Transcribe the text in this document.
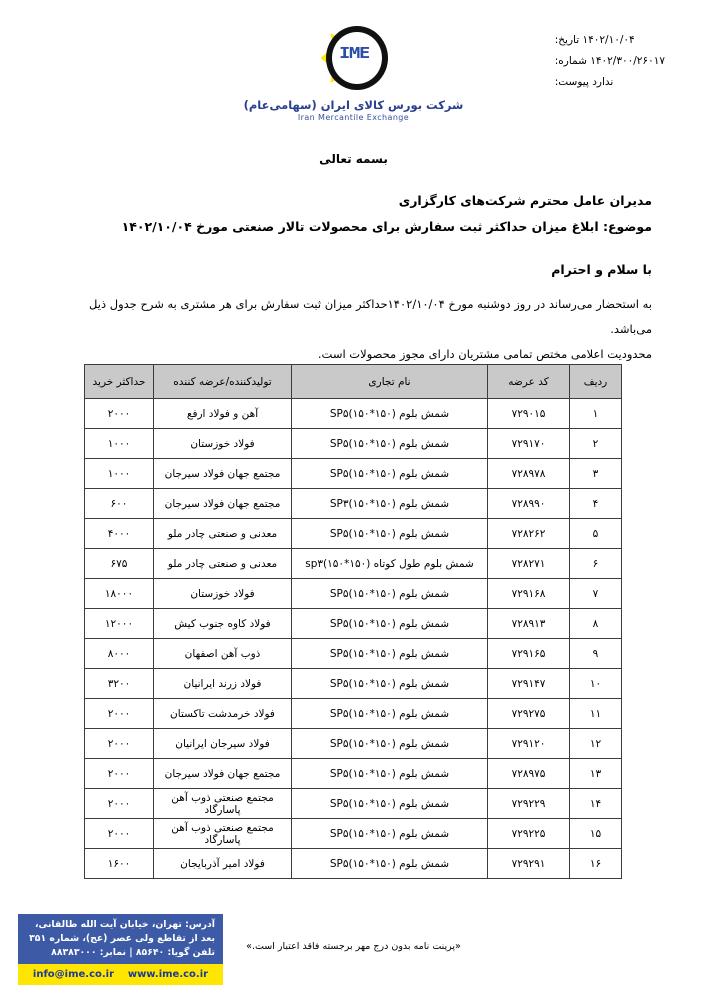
۱۴۰۲/۱۰/۰۴ تاریخ:
۱۴۰۲/۳۰۰/۲۶۰۱۷ شماره:
ندارد پیوست:
IME
شرکت بورس کالای ایران (سهامی‌عام)
Iran Mercantile Exchange
بسمه تعالی
مدیران عامل محترم شرکت‌های کارگزاری
موضوع: ابلاغ میزان حداکثر ثبت سفارش برای محصولات تالار صنعتی مورخ ۱۴۰۲/۱۰/۰۴
با سلام و احترام
به استحضار می‌رساند در روز دوشنبه مورخ ۱۴۰۲/۱۰/۰۴حداکثر میزان ثبت سفارش برای هر مشتری به شرح جدول ذیل می‌باشد.
محدودیت اعلامی مختص تمامی مشتریان دارای مجوز محصولات است.
ردیف	کد عرضه	نام تجاری	تولیدکننده/عرضه کننده	حداکثر خرید
۱	۷۲۹۰۱۵	شمش بلوم (۱۵۰*۱۵۰)SP۵	آهن و فولاد ارفع	۲۰۰۰
۲	۷۲۹۱۷۰	شمش بلوم (۱۵۰*۱۵۰)SP۵	فولاد خوزستان	۱۰۰۰
۳	۷۲۸۹۷۸	شمش بلوم (۱۵۰*۱۵۰)SP۵	مجتمع جهان فولاد سیرجان	۱۰۰۰
۴	۷۲۸۹۹۰	شمش بلوم (۱۵۰*۱۵۰)SP۳	مجتمع جهان فولاد سیرجان	۶۰۰
۵	۷۲۸۲۶۲	شمش بلوم (۱۵۰*۱۵۰)SP۵	معدنی و صنعتی چادر ملو	۴۰۰۰
۶	۷۲۸۲۷۱	شمش بلوم طول کوتاه (۱۵۰*۱۵۰)sp۳	معدنی و صنعتی چادر ملو	۶۷۵
۷	۷۲۹۱۶۸	شمش بلوم (۱۵۰*۱۵۰)SP۵	فولاد خوزستان	۱۸۰۰۰
۸	۷۲۸۹۱۳	شمش بلوم (۱۵۰*۱۵۰)SP۵	فولاد کاوه جنوب کیش	۱۲۰۰۰
۹	۷۲۹۱۶۵	شمش بلوم (۱۵۰*۱۵۰)SP۵	ذوب آهن اصفهان	۸۰۰۰
۱۰	۷۲۹۱۴۷	شمش بلوم (۱۵۰*۱۵۰)SP۵	فولاد زرند ایرانیان	۳۲۰۰
۱۱	۷۲۹۲۷۵	شمش بلوم (۱۵۰*۱۵۰)SP۵	فولاد خرمدشت تاکستان	۲۰۰۰
۱۲	۷۲۹۱۲۰	شمش بلوم (۱۵۰*۱۵۰)SP۵	فولاد سیرجان ایرانیان	۲۰۰۰
۱۳	۷۲۸۹۷۵	شمش بلوم (۱۵۰*۱۵۰)SP۵	مجتمع جهان فولاد سیرجان	۲۰۰۰
۱۴	۷۲۹۲۲۹	شمش بلوم (۱۵۰*۱۵۰)SP۵	مجتمع صنعتی ذوب آهن پاسارگاد	۲۰۰۰
۱۵	۷۲۹۲۲۵	شمش بلوم (۱۵۰*۱۵۰)SP۵	مجتمع صنعتی ذوب آهن پاسارگاد	۲۰۰۰
۱۶	۷۲۹۲۹۱	شمش بلوم (۱۵۰*۱۵۰)SP۵	فولاد امیر آذربایجان	۱۶۰۰
«پرینت نامه بدون درج مهر برجسته فاقد اعتبار است.»
آدرس: تهران، خیابان آیت الله طالقانی،
بعد از تقاطع ولی عصر (عج)، شماره ۳۵۱
تلفن گویا: ۸۵۶۴۰ | نمابر: ۸۸۳۸۳۰۰۰
info@ime.co.ir www.ime.co.ir
